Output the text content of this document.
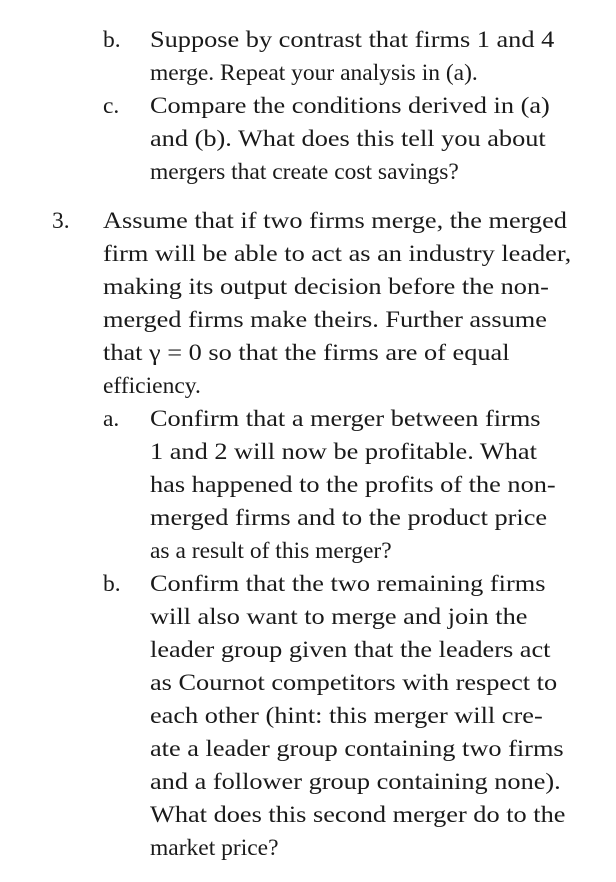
b. Suppose by contrast that firms 1 and 4
merge. Repeat your analysis in (a).
c. Compare the conditions derived in (a)
and (b). What does this tell you about
mergers that create cost savings?
3. Assume that if two firms merge, the merged
firm will be able to act as an industry leader,
making its output decision before the non-
merged firms make theirs. Further assume
that γ = 0 so that the firms are of equal
efficiency.
a. Confirm that a merger between firms
1 and 2 will now be profitable. What
has happened to the profits of the non-
merged firms and to the product price
as a result of this merger?
b. Confirm that the two remaining firms
will also want to merge and join the
leader group given that the leaders act
as Cournot competitors with respect to
each other (hint: this merger will cre-
ate a leader group containing two firms
and a follower group containing none).
What does this second merger do to the
market price?
